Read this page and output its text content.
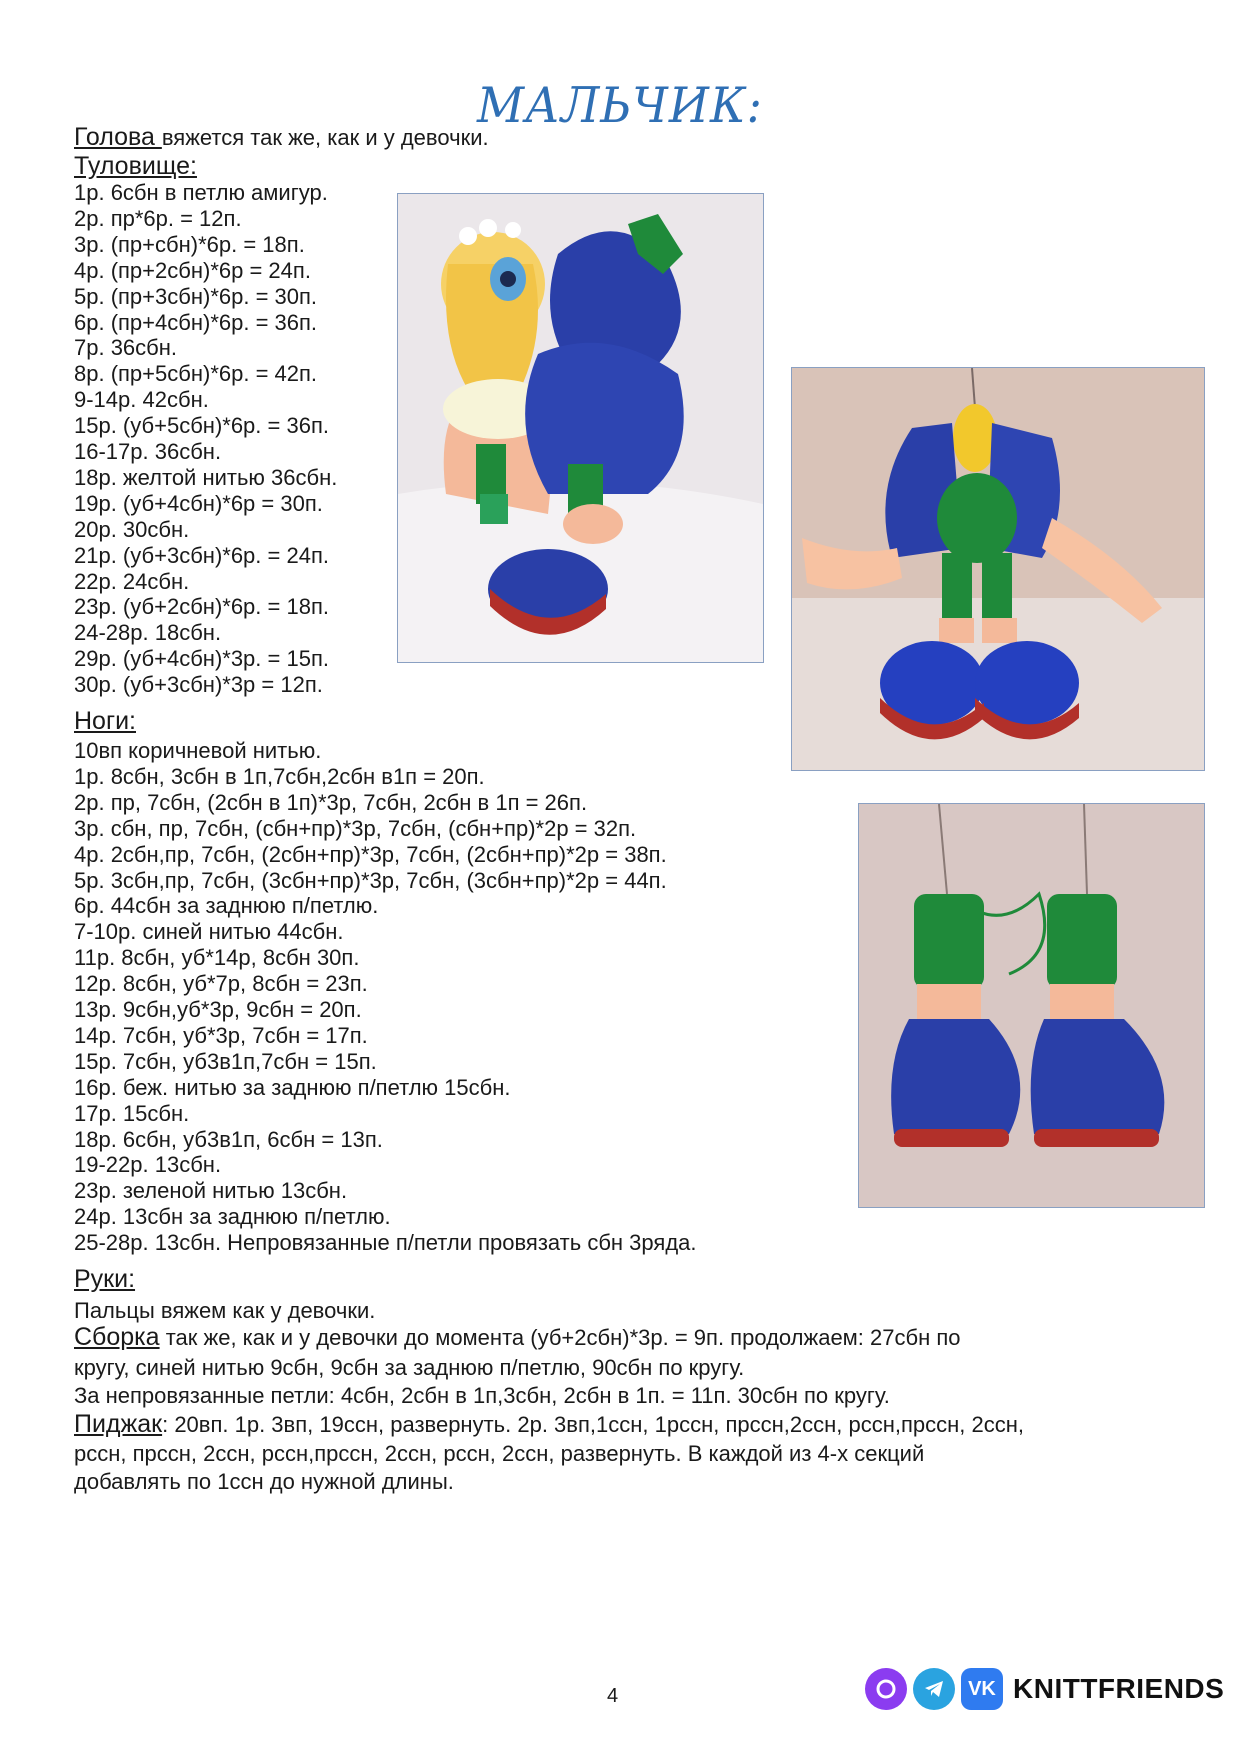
МАЛЬЧИК:
Голова вяжется так же, как и у девочки.
Туловище:
1р. 6сбн в петлю амигур.
2р. пр*6р. = 12п.
3р. (пр+сбн)*6р. = 18п.
4р. (пр+2сбн)*6р = 24п.
5р. (пр+3сбн)*6р. = 30п.
6р. (пр+4сбн)*6р. = 36п.
7р. 36сбн.
8р. (пр+5сбн)*6р. = 42п.
9-14р. 42сбн.
15р. (уб+5сбн)*6р. = 36п.
16-17р. 36сбн.
18р. желтой нитью 36сбн.
19р. (уб+4сбн)*6р = 30п.
20р. 30сбн.
21р. (уб+3сбн)*6р. = 24п.
22р. 24сбн.
23р. (уб+2сбн)*6р. = 18п.
24-28р. 18сбн.
29р. (уб+4сбн)*3р. = 15п.
30р. (уб+3сбн)*3р = 12п.
Ноги:
10вп коричневой нитью.
1р. 8сбн, 3сбн в 1п,7сбн,2сбн в1п = 20п.
2р. пр, 7сбн, (2сбн в 1п)*3р, 7сбн, 2сбн в 1п = 26п.
3р. сбн, пр, 7сбн, (сбн+пр)*3р, 7сбн, (сбн+пр)*2р = 32п.
4р. 2сбн,пр, 7сбн, (2сбн+пр)*3р, 7сбн, (2сбн+пр)*2р = 38п.
5р. 3сбн,пр, 7сбн, (3сбн+пр)*3р, 7сбн, (3сбн+пр)*2р = 44п.
6р. 44сбн за заднюю п/петлю.
7-10р. синей нитью 44сбн.
11р. 8сбн, уб*14р, 8сбн 30п.
12р. 8сбн, уб*7р, 8сбн = 23п.
13р. 9сбн,уб*3р, 9сбн = 20п.
14р. 7сбн, уб*3р, 7сбн = 17п.
15р. 7сбн, уб3в1п,7сбн = 15п.
16р. беж. нитью за заднюю п/петлю 15сбн.
17р. 15сбн.
18р. 6сбн, уб3в1п, 6сбн = 13п.
19-22р. 13сбн.
23р. зеленой нитью 13сбн.
24р. 13сбн за заднюю п/петлю.
25-28р. 13сбн. Непровязанные п/петли провязать сбн 3ряда.
Руки:
Пальцы вяжем как у девочки.
Сборка так же, как и у девочки до момента (уб+2сбн)*3р. = 9п. продолжаем: 27сбн по
кругу, синей нитью 9сбн, 9сбн за заднюю п/петлю, 90сбн по кругу.
За непровязанные петли: 4сбн, 2сбн в 1п,3сбн, 2сбн в 1п. = 11п. 30сбн по кругу.
Пиджак: 20вп. 1р. 3вп, 19ссн, развернуть. 2р. 3вп,1ссн, 1рссн, прссн,2ссн, рссн,прссн, 2ссн,
рссн, прссн, 2ссн, рссн,прссн, 2ссн, рссн, 2ссн, развернуть. В каждой из 4-х секций
добавлять по 1ссн до нужной длины.
4	VK KNITTFRIENDS
